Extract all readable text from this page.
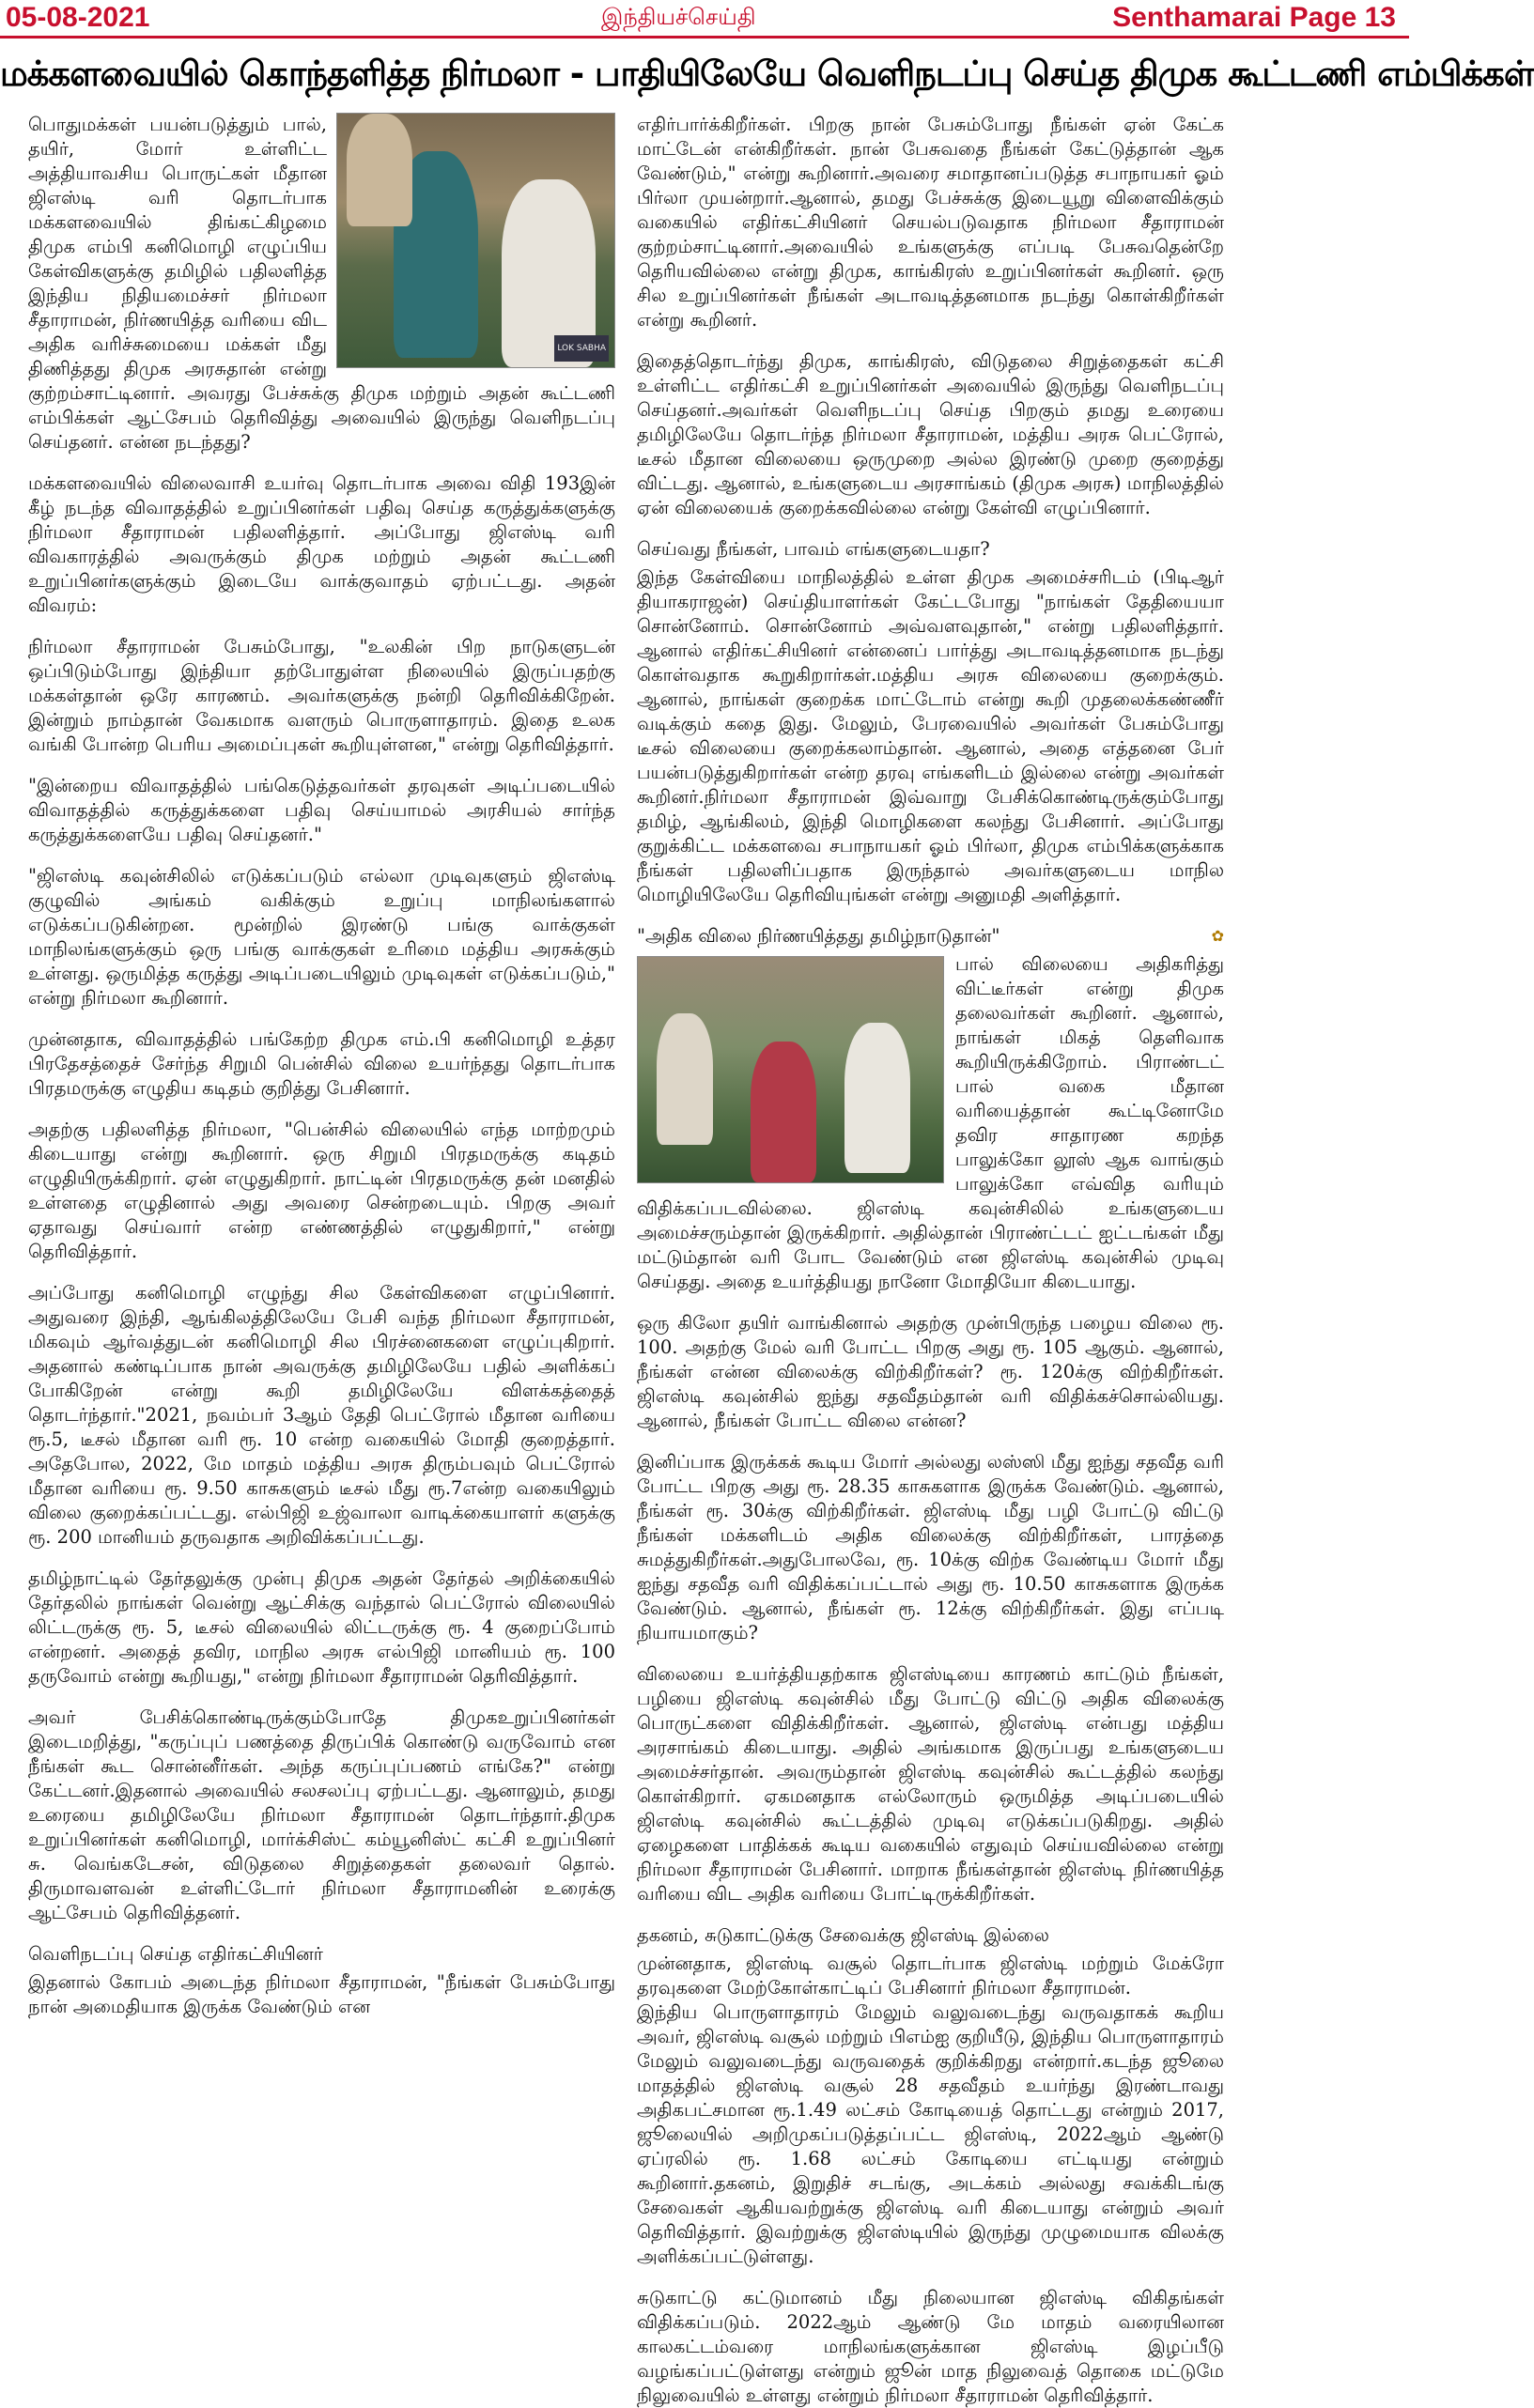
05-08-2021	இந்தியச்செய்தி	Senthamarai Page 13
மக்களவையில் கொந்தளித்த நிர்மலா - பாதியிலேயே வெளிநடப்பு செய்த திமுக கூட்டணி எம்பிக்கள்
LOK SABHA

பொதுமக்கள் பயன்படுத்தும் பால், தயிர், மோர் உள்ளிட்ட அத்தியாவசிய பொருட்கள் மீதான ஜிஎஸ்டி வரி தொடர்பாக மக்களவையில் திங்கட்கிழமை திமுக எம்பி கனிமொழி எழுப்பிய கேள்விகளுக்கு தமிழில் பதிலளித்த இந்திய நிதியமைச்சர் நிர்மலா சீதாராமன், நிர்ணயித்த வரியை விட அதிக வரிச்சுமையை மக்கள் மீது திணித்தது திமுக அரசுதான் என்று குற்றம்சாட்டினார். அவரது பேச்சுக்கு திமுக மற்றும் அதன் கூட்டணி எம்பிக்கள் ஆட்சேபம் தெரிவித்து அவையில் இருந்து வெளிநடப்பு செய்தனர். என்ன நடந்தது?

மக்களவையில் விலைவாசி உயர்வு தொடர்பாக அவை விதி 193இன் கீழ் நடந்த விவாதத்தில் உறுப்பினர்கள் பதிவு செய்த கருத்துக்களுக்கு நிர்மலா சீதாராமன் பதிலளித்தார். அப்போது ஜிஎஸ்டி வரி விவகாரத்தில் அவருக்கும் திமுக மற்றும் அதன் கூட்டணி உறுப்பினர்களுக்கும் இடையே வாக்குவாதம் ஏற்பட்டது. அதன் விவரம்:

நிர்மலா சீதாராமன் பேசும்போது, "உலகின் பிற நாடுகளுடன் ஒப்பிடும்போது இந்தியா தற்போதுள்ள நிலையில் இருப்பதற்கு மக்கள்தான் ஒரே காரணம். அவர்களுக்கு நன்றி தெரிவிக்கிறேன். இன்றும் நாம்தான் வேகமாக வளரும் பொருளாதாரம். இதை உலக வங்கி போன்ற பெரிய அமைப்புகள் கூறியுள்ளன," என்று தெரிவித்தார்.

"இன்றைய விவாதத்தில் பங்கெடுத்தவர்கள் தரவுகள் அடிப்படையில் விவாதத்தில் கருத்துக்களை பதிவு செய்யாமல் அரசியல் சார்ந்த கருத்துக்களையே பதிவு செய்தனர்."

"ஜிஎஸ்டி கவுன்சிலில் எடுக்கப்படும் எல்லா முடிவுகளும் ஜிஎஸ்டி குழுவில் அங்கம் வகிக்கும் உறுப்பு மாநிலங்களால் எடுக்கப்படுகின்றன. மூன்றில் இரண்டு பங்கு வாக்குகள் மாநிலங்களுக்கும் ஒரு பங்கு வாக்குகள் உரிமை மத்திய அரசுக்கும் உள்ளது. ஒருமித்த கருத்து அடிப்படையிலும் முடிவுகள் எடுக்கப்படும்," என்று நிர்மலா கூறினார்.

முன்னதாக, விவாதத்தில் பங்கேற்ற திமுக எம்.பி கனிமொழி உத்தர பிரதேசத்தைச் சேர்ந்த சிறுமி பென்சில் விலை உயர்ந்தது தொடர்பாக பிரதமருக்கு எழுதிய கடிதம் குறித்து பேசினார்.

அதற்கு பதிலளித்த நிர்மலா, "பென்சில் விலையில் எந்த மாற்றமும் கிடையாது என்று கூறினார். ஒரு சிறுமி பிரதமருக்கு கடிதம் எழுதியிருக்கிறார். ஏன் எழுதுகிறார். நாட்டின் பிரதமருக்கு தன் மனதில் உள்ளதை எழுதினால் அது அவரை சென்றடையும். பிறகு அவர் ஏதாவது செய்வார் என்ற எண்ணத்தில் எழுதுகிறார்," என்று தெரிவித்தார்.

அப்போது கனிமொழி எழுந்து சில கேள்விகளை எழுப்பினார். அதுவரை இந்தி, ஆங்கிலத்திலேயே பேசி வந்த நிர்மலா சீதாராமன், மிகவும் ஆர்வத்துடன் கனிமொழி சில பிரச்னைகளை எழுப்புகிறார். அதனால் கண்டிப்பாக நான் அவருக்கு தமிழிலேயே பதில் அளிக்கப் போகிறேன் என்று கூறி தமிழிலேயே விளக்கத்தைத் தொடர்ந்தார்."2021, நவம்பர் 3ஆம் தேதி பெட்ரோல் மீதான வரியை ரூ.5, டீசல் மீதான வரி ரூ. 10 என்ற வகையில் மோதி குறைத்தார். அதேபோல, 2022, மே மாதம் மத்திய அரசு திரும்பவும் பெட்ரோல் மீதான வரியை ரூ. 9.50 காசுகளும் டீசல் மீது ரூ.7என்ற வகையிலும் விலை குறைக்கப்பட்டது. எல்பிஜி உஜ்வாலா வாடிக்கையாளர் களுக்கு ரூ. 200 மானியம் தருவதாக அறிவிக்கப்பட்டது.

தமிழ்நாட்டில் தேர்தலுக்கு முன்பு திமுக அதன் தேர்தல் அறிக்கையில் தேர்தலில் நாங்கள் வென்று ஆட்சிக்கு வந்தால் பெட்ரோல் விலையில் லிட்டருக்கு ரூ. 5, டீசல் விலையில் லிட்டருக்கு ரூ. 4 குறைப்போம் என்றனர். அதைத் தவிர, மாநில அரசு எல்பிஜி மானியம் ரூ. 100 தருவோம் என்று கூறியது," என்று நிர்மலா சீதாராமன் தெரிவித்தார்.

அவர் பேசிக்கொண்டிருக்கும்போதே திமுகஉறுப்பினர்கள் இடைமறித்து, "கருப்புப் பணத்தை திருப்பிக் கொண்டு வருவோம் என நீங்கள் கூட சொன்னீர்கள். அந்த கருப்புப்பணம் எங்கே?" என்று கேட்டனர்.இதனால் அவையில் சலசலப்பு ஏற்பட்டது. ஆனாலும், தமது உரையை தமிழிலேயே நிர்மலா சீதாராமன் தொடர்ந்தார்.திமுக உறுப்பினர்கள் கனிமொழி, மார்க்சிஸ்ட் கம்யூனிஸ்ட் கட்சி உறுப்பினர் சு. வெங்கடேசன், விடுதலை சிறுத்தைகள் தலைவர் தொல். திருமாவளவன் உள்ளிட்டோர் நிர்மலா சீதாராமனின் உரைக்கு ஆட்சேபம் தெரிவித்தனர்.

வெளிநடப்பு செய்த எதிர்கட்சியினர்

இதனால் கோபம் அடைந்த நிர்மலா சீதாராமன், "நீங்கள் பேசும்போது நான் அமைதியாக இருக்க வேண்டும் என

எதிர்பார்க்கிறீர்கள். பிறகு நான் பேசும்போது நீங்கள் ஏன் கேட்க மாட்டேன் என்கிறீர்கள். நான் பேசுவதை நீங்கள் கேட்டுத்தான் ஆக வேண்டும்," என்று கூறினார்.அவரை சமாதானப்படுத்த சபாநாயகர் ஓம் பிர்லா முயன்றார்.ஆனால், தமது பேச்சுக்கு இடையூறு விளைவிக்கும் வகையில் எதிர்கட்சியினர் செயல்படுவதாக நிர்மலா சீதாராமன் குற்றம்சாட்டினார்.அவையில் உங்களுக்கு எப்படி பேசுவதென்றே தெரியவில்லை என்று திமுக, காங்கிரஸ் உறுப்பினர்கள் கூறினர். ஒரு சில உறுப்பினர்கள் நீங்கள் அடாவடித்தனமாக நடந்து கொள்கிறீர்கள் என்று கூறினர்.

இதைத்தொடர்ந்து திமுக, காங்கிரஸ், விடுதலை சிறுத்தைகள் கட்சி உள்ளிட்ட எதிர்கட்சி உறுப்பினர்கள் அவையில் இருந்து வெளிநடப்பு செய்தனர்.அவர்கள் வெளிநடப்பு செய்த பிறகும் தமது உரையை தமிழிலேயே தொடர்ந்த நிர்மலா சீதாராமன், மத்திய அரசு பெட்ரோல், டீசல் மீதான விலையை ஒருமுறை அல்ல இரண்டு முறை குறைத்து விட்டது. ஆனால், உங்களுடைய அரசாங்கம் (திமுக அரசு) மாநிலத்தில் ஏன் விலையைக் குறைக்கவில்லை என்று கேள்வி எழுப்பினார்.

செய்வது நீங்கள், பாவம் எங்களுடையதா?

இந்த கேள்வியை மாநிலத்தில் உள்ள திமுக அமைச்சரிடம் (பிடிஆர் தியாகராஜன்) செய்தியாளர்கள் கேட்டபோது "நாங்கள் தேதியையா சொன்னோம். சொன்னோம் அவ்வளவுதான்," என்று பதிலளித்தார். ஆனால் எதிர்கட்சியினர் என்னைப் பார்த்து அடாவடித்தனமாக நடந்து கொள்வதாக கூறுகிறார்கள்.மத்திய அரசு விலையை குறைக்கும். ஆனால், நாங்கள் குறைக்க மாட்டோம் என்று கூறி முதலைக்கண்ணீர் வடிக்கும் கதை இது. மேலும், பேரவையில் அவர்கள் பேசும்போது டீசல் விலையை குறைக்கலாம்தான். ஆனால், அதை எத்தனை பேர் பயன்படுத்துகிறார்கள் என்ற தரவு எங்களிடம் இல்லை என்று அவர்கள் கூறினர்.நிர்மலா சீதாராமன் இவ்வாறு பேசிக்கொண்டிருக்கும்போது தமிழ், ஆங்கிலம், இந்தி மொழிகளை கலந்து பேசினார். அப்போது குறுக்கிட்ட மக்களவை சபாநாயகர் ஓம் பிர்லா, திமுக எம்பிக்களுக்காக நீங்கள் பதிலளிப்பதாக இருந்தால் அவர்களுடைய மாநில மொழியிலேயே தெரிவியுங்கள் என்று அனுமதி அளித்தார்.

"அதிக விலை நிர்ணயித்தது தமிழ்நாடுதான்"	✿

பால் விலையை அதிகரித்து விட்டீர்கள் என்று திமுக தலைவர்கள் கூறினர். ஆனால், நாங்கள் மிகத் தெளிவாக கூறியிருக்கிறோம். பிராண்டட் பால் வகை மீதான வரியைத்தான் கூட்டினோமே தவிர சாதாரண கறந்த பாலுக்கோ லூஸ் ஆக வாங்கும் பாலுக்கோ எவ்வித வரியும் விதிக்கப்படவில்லை. ஜிஎஸ்டி கவுன்சிலில் உங்களுடைய அமைச்சரும்தான் இருக்கிறார். அதில்தான் பிராண்ட்டட் ஐட்டங்கள் மீது மட்டும்தான் வரி போட வேண்டும் என ஜிஎஸ்டி கவுன்சில் முடிவு செய்தது. அதை உயர்த்தியது நானோ மோதியோ கிடையாது.

ஒரு கிலோ தயிர் வாங்கினால் அதற்கு முன்பிருந்த பழைய விலை ரூ. 100. அதற்கு மேல் வரி போட்ட பிறகு அது ரூ. 105 ஆகும். ஆனால், நீங்கள் என்ன விலைக்கு விற்கிறீர்கள்? ரூ. 120க்கு விற்கிறீர்கள். ஜிஎஸ்டி கவுன்சில் ஐந்து சதவீதம்தான் வரி விதிக்கச்சொல்லியது. ஆனால், நீங்கள் போட்ட விலை என்ன?

இனிப்பாக இருக்கக் கூடிய மோர் அல்லது லஸ்ஸி மீது ஐந்து சதவீத வரி போட்ட பிறகு அது ரூ. 28.35 காசுகளாக இருக்க வேண்டும். ஆனால், நீங்கள் ரூ. 30க்கு விற்கிறீர்கள். ஜிஎஸ்டி மீது பழி போட்டு விட்டு நீங்கள் மக்களிடம் அதிக விலைக்கு விற்கிறீர்கள், பாரத்தை சுமத்துகிறீர்கள்.அதுபோலவே, ரூ. 10க்கு விற்க வேண்டிய மோர் மீது ஐந்து சதவீத வரி விதிக்கப்பட்டால் அது ரூ. 10.50 காசுகளாக இருக்க வேண்டும். ஆனால், நீங்கள் ரூ. 12க்கு விற்கிறீர்கள். இது எப்படி நியாயமாகும்?

விலையை உயர்த்தியதற்காக ஜிஎஸ்டியை காரணம் காட்டும் நீங்கள், பழியை ஜிஎஸ்டி கவுன்சில் மீது போட்டு விட்டு அதிக விலைக்கு பொருட்களை விதிக்கிறீர்கள். ஆனால், ஜிஎஸ்டி என்பது மத்திய அரசாங்கம் கிடையாது. அதில் அங்கமாக இருப்பது உங்களுடைய அமைச்சர்தான். அவரும்தான் ஜிஎஸ்டி கவுன்சில் கூட்டத்தில் கலந்து கொள்கிறார். ஏகமனதாக எல்லோரும் ஒருமித்த அடிப்படையில் ஜிஎஸ்டி கவுன்சில் கூட்டத்தில் முடிவு எடுக்கப்படுகிறது. அதில் ஏழைகளை பாதிக்கக் கூடிய வகையில் எதுவும் செய்யவில்லை என்று நிர்மலா சீதாராமன் பேசினார். மாறாக நீங்கள்தான் ஜிஎஸ்டி நிர்ணயித்த வரியை விட அதிக வரியை போட்டிருக்கிறீர்கள்.

தகனம், சுடுகாட்டுக்கு சேவைக்கு ஜிஎஸ்டி இல்லை

முன்னதாக, ஜிஎஸ்டி வசூல் தொடர்பாக ஜிஎஸ்டி மற்றும் மேக்ரோ தரவுகளை மேற்கோள்காட்டிப் பேசினார் நிர்மலா சீதாராமன்.

இந்திய பொருளாதாரம் மேலும் வலுவடைந்து வருவதாகக் கூறிய அவர், ஜிஎஸ்டி வசூல் மற்றும் பிஎம்ஐ குறியீடு, இந்திய பொருளாதாரம் மேலும் வலுவடைந்து வருவதைக் குறிக்கிறது என்றார்.கடந்த ஜூலை மாதத்தில் ஜிஎஸ்டி வசூல் 28 சதவீதம் உயர்ந்து இரண்டாவது அதிகபட்சமான ரூ.1.49 லட்சம் கோடியைத் தொட்டது என்றும் 2017, ஜூலையில் அறிமுகப்படுத்தப்பட்ட ஜிஎஸ்டி, 2022ஆம் ஆண்டு ஏப்ரலில் ரூ. 1.68 லட்சம் கோடியை எட்டியது என்றும் கூறினார்.தகனம், இறுதிச் சடங்கு, அடக்கம் அல்லது சவக்கிடங்கு சேவைகள் ஆகியவற்றுக்கு ஜிஎஸ்டி வரி கிடையாது என்றும் அவர் தெரிவித்தார். இவற்றுக்கு ஜிஎஸ்டியில் இருந்து முழுமையாக விலக்கு அளிக்கப்பட்டுள்ளது.

சுடுகாட்டு கட்டுமானம் மீது நிலையான ஜிஎஸ்டி விகிதங்கள் விதிக்கப்படும். 2022ஆம் ஆண்டு மே மாதம் வரையிலான காலகட்டம்வரை மாநிலங்களுக்கான ஜிஎஸ்டி இழப்பீடு வழங்கப்பட்டுள்ளது என்றும் ஜூன் மாத நிலுவைத் தொகை மட்டுமே நிலுவையில் உள்ளது என்றும் நிர்மலா சீதாராமன் தெரிவித்தார்.
